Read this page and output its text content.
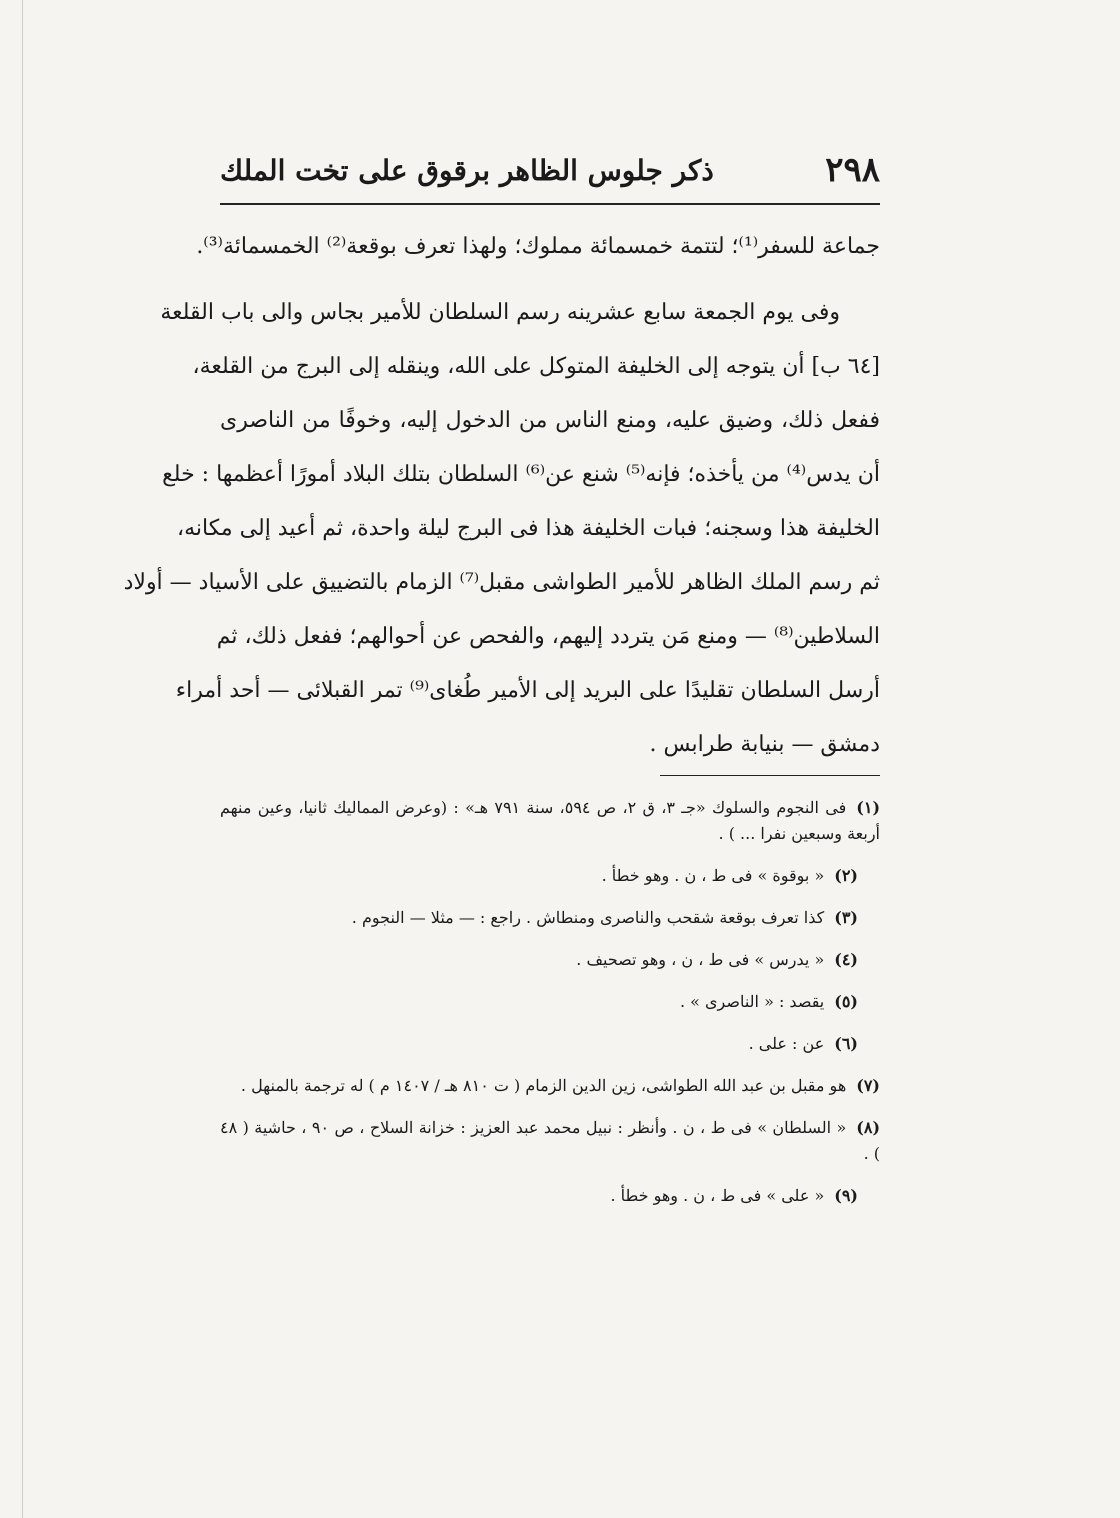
٢٩٨
ذكر جلوس الظاهر برقوق على تخت الملك
جماعة للسفر⁽¹⁾؛ لتتمة خمسمائة مملوك؛ ولهذا تعرف بوقعة⁽²⁾ الخمسمائة⁽³⁾.
وفى يوم الجمعة سابع عشرينه رسم السلطان للأمير بجاس والى باب القلعة
[٦٤ ب] أن يتوجه إلى الخليفة المتوكل على الله، وينقله إلى البرج من القلعة،
ففعل ذلك، وضيق عليه، ومنع الناس من الدخول إليه، وخوفًا من الناصرى
أن يدس⁽⁴⁾ من يأخذه؛ فإنه⁽⁵⁾ شنع عن⁽⁶⁾ السلطان بتلك البلاد أمورًا أعظمها : خلع
الخليفة هذا وسجنه؛ فبات الخليفة هذا فى البرج ليلة واحدة، ثم أعيد إلى مكانه،
ثم رسم الملك الظاهر للأمير الطواشى مقبل⁽⁷⁾ الزمام بالتضييق على الأسياد — أولاد
السلاطين⁽⁸⁾ — ومنع مَن يتردد إليهم، والفحص عن أحوالهم؛ ففعل ذلك، ثم
أرسل السلطان تقليدًا على البريد إلى الأمير طُغاى⁽⁹⁾ تمر القبلائى — أحد أمراء
دمشق — بنيابة طرابس .
(١)فى النجوم والسلوك «جـ ٣، ق ٢، ص ٥٩٤، سنة ٧٩١ هـ» : (وعرض المماليك ثانيا، وعين منهم أربعة وسبعين نفرا ... ) .
(٢)« بوقوة » فى ط ، ن . وهو خطأ .
(٣)كذا تعرف بوقعة شقحب والناصرى ومنطاش . راجع : — مثلا — النجوم .
(٤)« يدرس » فى ط ، ن ، وهو تصحيف .
(٥)يقصد : « الناصرى » .
(٦)عن : على .
(٧)هو مقبل بن عبد الله الطواشى، زين الدين الزمام ( ت ٨١٠ هـ / ١٤٠٧ م ) له ترجمة بالمنهل .
(٨)« السلطان » فى ط ، ن . وأنظر : نبيل محمد عبد العزيز : خزانة السلاح ، ص ٩٠ ، حاشية ( ٤٨ ) .
(٩)« على » فى ط ، ن . وهو خطأ .
